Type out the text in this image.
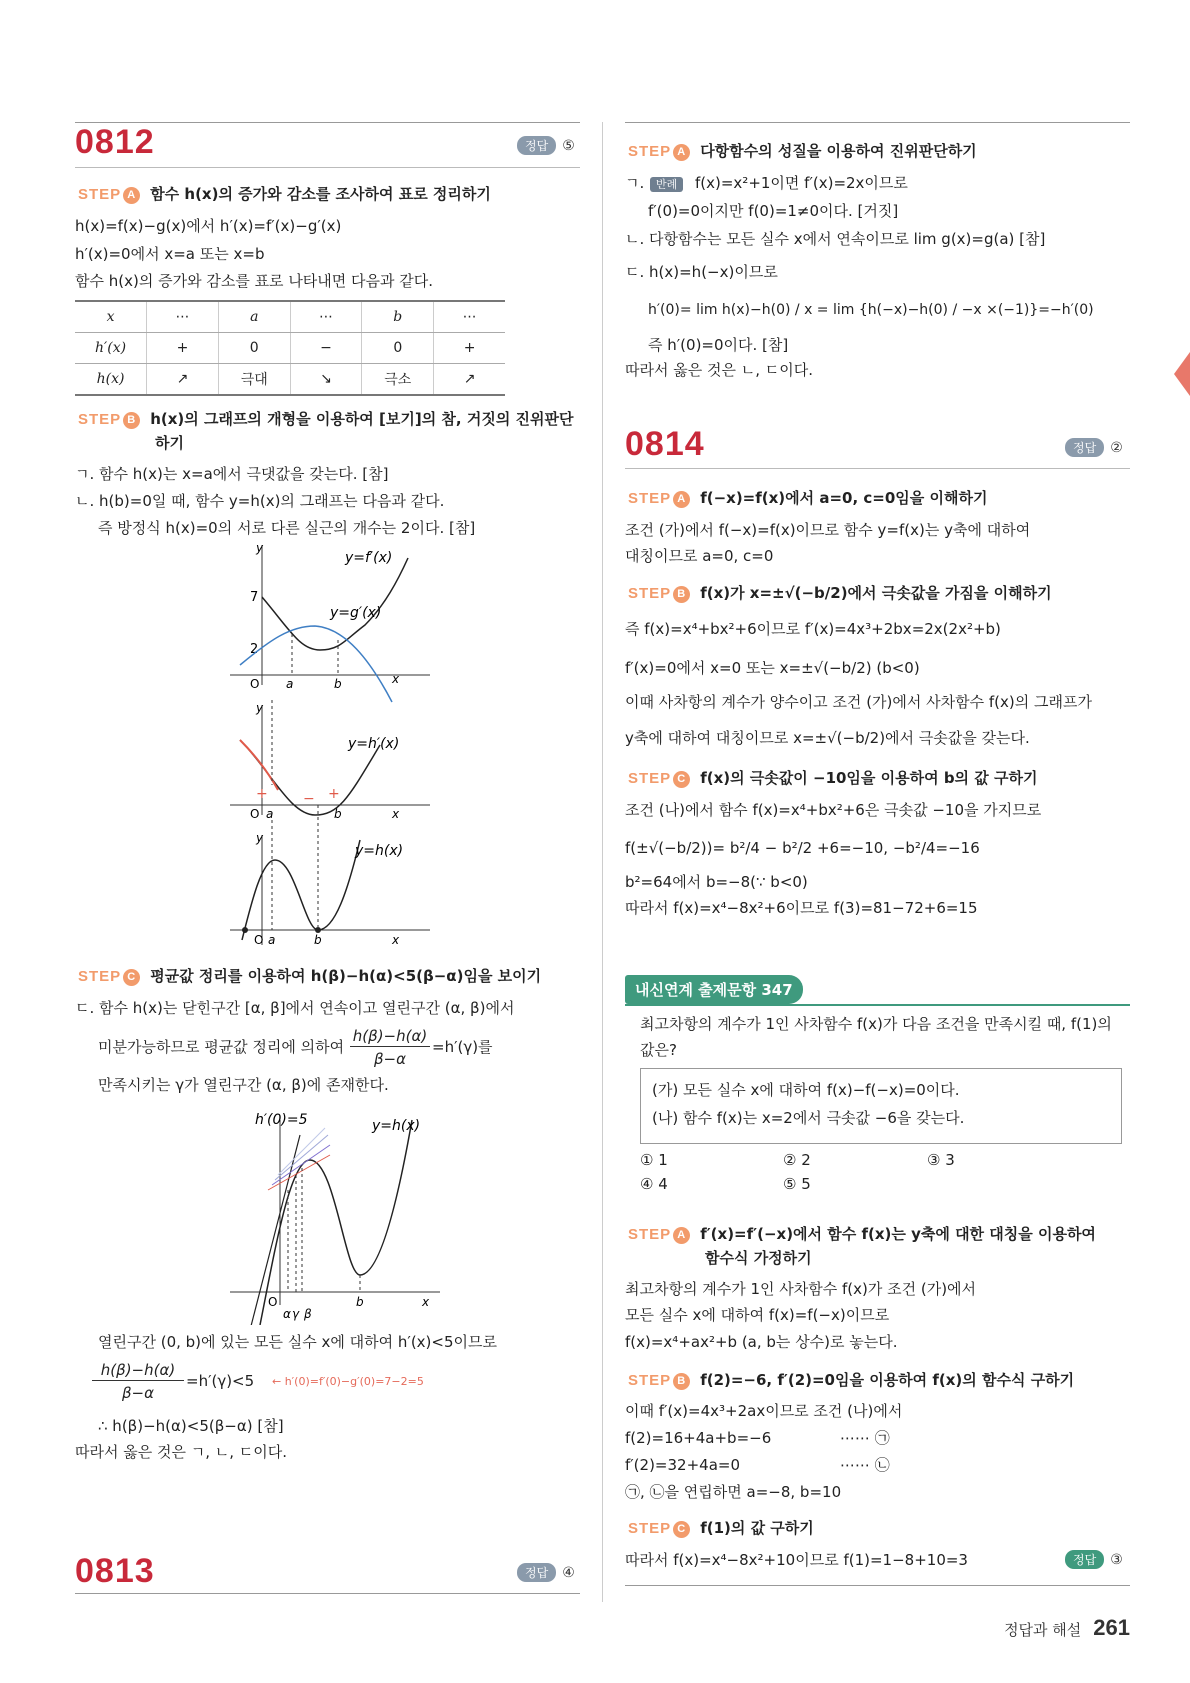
0812	정답 ⑤
STEP A 함수 h(x)의 증가와 감소를 조사하여 표로 정리하기
h(x)=f(x)−g(x)에서 h′(x)=f′(x)−g′(x)
h′(x)=0에서 x=a 또는 x=b
함수 h(x)의 증가와 감소를 표로 나타내면 다음과 같다.
x	⋯	a	⋯	b	⋯
h′(x)	+	0	−	0	+
h(x)	↗	극대	↘	극소	↗
STEP B h(x)의 그래프의 개형을 이용하여 [보기]의 참, 거짓의 진위판단
하기
ㄱ. 함수 h(x)는 x=a에서 극댓값을 갖는다. [참]
ㄴ. h(b)=0일 때, 함수 y=h(x)의 그래프는 다음과 같다.
즉 방정식 h(x)=0의 서로 다른 실근의 개수는 2이다. [참]
y
7
2
y=f′(x)
y=g′(x)
O a	b	x
y
+	− +
y=h′(x)
O a	b	x
y
y=h(x)
O a	b	x
STEP C 평균값 정리를 이용하여 h(β)−h(α)<5(β−α)임을 보이기
ㄷ. 함수 h(x)는 닫힌구간 [α, β]에서 연속이고 열린구간 (α, β)에서
미분가능하므로 평균값 정리에 의하여
h(β)−h(α)
β−α
=h′(γ)를
만족시키는 γ가 열린구간 (α, β)에 존재한다.
h′(0)=5	y=h(x)
O
α γ β
b	x
열린구간 (0, b)에 있는 모든 실수 x에 대하여 h′(x)<5이므로
h(β)−h(α)
β−α
=h′(γ)<5 ← h′(0)=f′(0)−g′(0)=7−2=5
∴ h(β)−h(α)<5(β−α) [참]
따라서 옳은 것은 ㄱ, ㄴ, ㄷ이다.
0813	정답 ④
STEP A 다항함수의 성질을 이용하여 진위판단하기
ㄱ.	반례	f(x)=x²+1이면 f′(x)=2x이므로
f′(0)=0이지만 f(0)=1≠0이다. [거짓]
ㄴ. 다항함수는 모든 실수 x에서 연속이므로 lim g(x)=g(a) [참]
ㄷ. h(x)=h(−x)이므로
h′(0)= lim h(x)−h(0) / x = lim {h(−x)−h(0) / −x ×(−1)}=−h′(0)
즉 h′(0)=0이다. [참]
따라서 옳은 것은 ㄴ, ㄷ이다.
0814	정답 ②
STEP A f(−x)=f(x)에서 a=0, c=0임을 이해하기
조건 (가)에서 f(−x)=f(x)이므로 함수 y=f(x)는 y축에 대하여
대칭이므로 a=0, c=0
STEP B f(x)가 x=±√(−b/2)에서 극솟값을 가짐을 이해하기
즉 f(x)=x⁴+bx²+6이므로 f′(x)=4x³+2bx=2x(2x²+b)
f′(x)=0에서 x=0 또는 x=±√(−b/2) (b<0)
이때 사차항의 계수가 양수이고 조건 (가)에서 사차함수 f(x)의 그래프가
y축에 대하여 대칭이므로 x=±√(−b/2)에서 극솟값을 갖는다.
STEP C f(x)의 극솟값이 −10임을 이용하여 b의 값 구하기
조건 (나)에서 함수 f(x)=x⁴+bx²+6은 극솟값 −10을 가지므로
f(±√(−b/2))= b²/4 − b²/2 +6=−10, −b²/4=−16
b²=64에서 b=−8(∵ b<0)
따라서 f(x)=x⁴−8x²+6이므로 f(3)=81−72+6=15
내신연계 출제문항 347
최고차항의 계수가 1인 사차함수 f(x)가 다음 조건을 만족시킬 때, f(1)의
값은?
(가) 모든 실수 x에 대하여 f(x)−f(−x)=0이다.
(나) 함수 f(x)는 x=2에서 극솟값 −6을 갖는다.
① 1	② 2	③ 3
④ 4	⑤ 5
STEP A f′(x)=f′(−x)에서 함수 f(x)는 y축에 대한 대칭을 이용하여
함수식 가정하기
최고차항의 계수가 1인 사차함수 f(x)가 조건 (가)에서
모든 실수 x에 대하여 f(x)=f(−x)이므로
f(x)=x⁴+ax²+b (a, b는 상수)로 놓는다.
STEP B f(2)=−6, f′(2)=0임을 이용하여 f(x)의 함수식 구하기
이때 f′(x)=4x³+2ax이므로 조건 (나)에서
f(2)=16+4a+b=−6	⋯⋯ ㉠
f′(2)=32+4a=0	⋯⋯ ㉡
㉠, ㉡을 연립하면 a=−8, b=10
STEP C f(1)의 값 구하기
따라서 f(x)=x⁴−8x²+10이므로 f(1)=1−8+10=3	정답 ③
정답과 해설 261
